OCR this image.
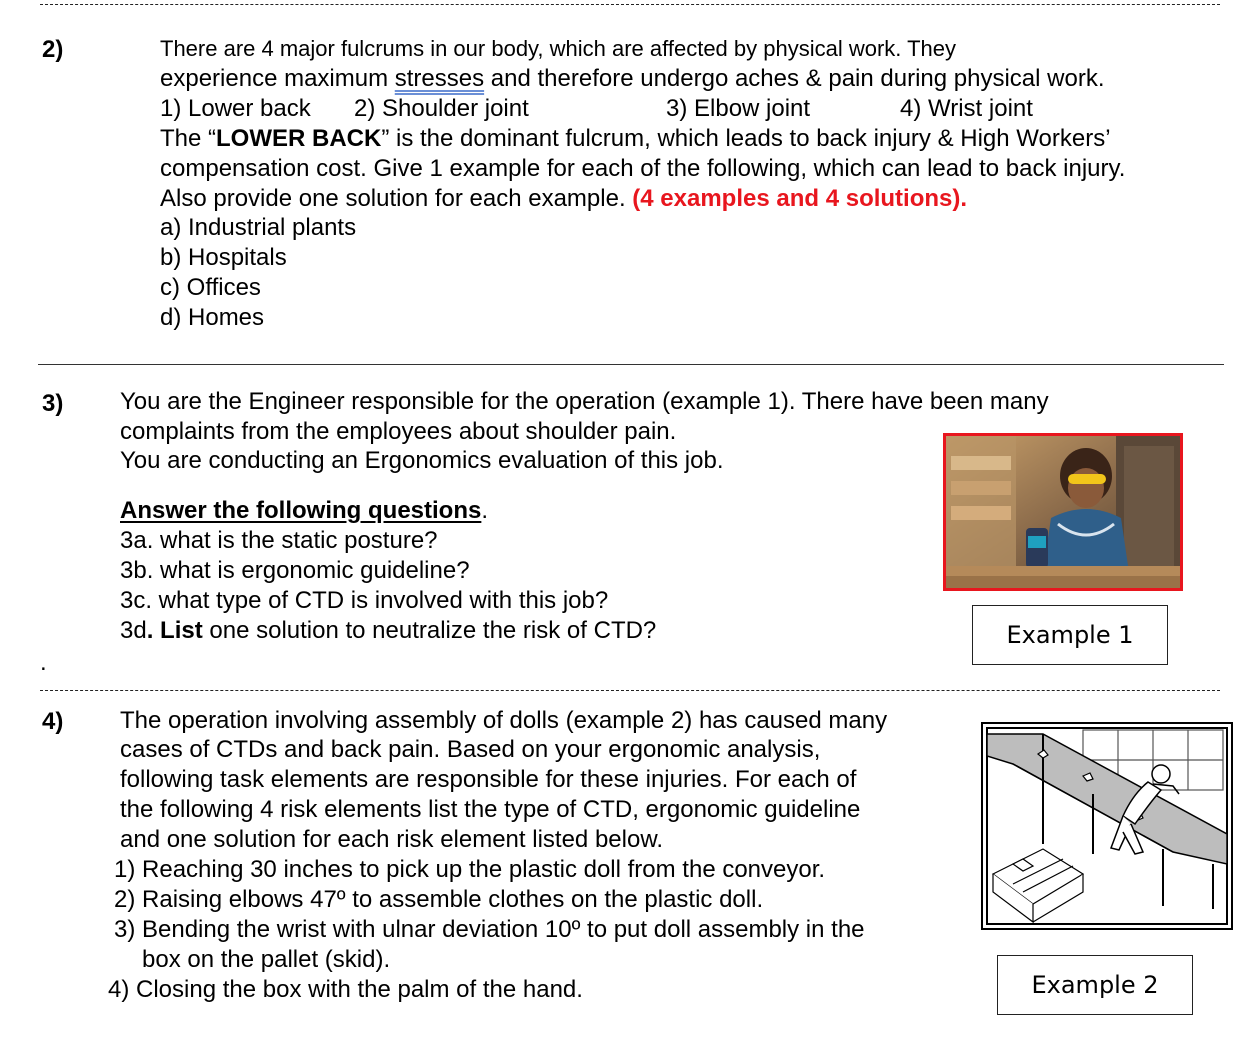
2)	There are 4 major fulcrums in our body, which are affected by physical work. They
experience maximum stresses and therefore undergo aches & pain during physical work.
1) Lower back 2) Shoulder joint	3) Elbow joint	4) Wrist joint
The “LOWER BACK” is the dominant fulcrum, which leads to back injury & High Workers’
compensation cost. Give 1 example for each of the following, which can lead to back injury.
Also provide one solution for each example. (4 examples and 4 solutions).
a) Industrial plants
b) Hospitals
c) Offices
d) Homes
3) You are the Engineer responsible for the operation (example 1). There have been many
complaints from the employees about shoulder pain.
You are conducting an Ergonomics evaluation of this job.
Answer the following questions.
3a. what is the static posture?
3b. what is ergonomic guideline?
3c. what type of CTD is involved with this job?
3d. List one solution to neutralize the risk of CTD?
.
Example 1
4) The operation involving assembly of dolls (example 2) has caused many
cases of CTDs and back pain. Based on your ergonomic analysis,
following task elements are responsible for these injuries. For each of
the following 4 risk elements list the type of CTD, ergonomic guideline
and one solution for each risk element listed below.
1) Reaching 30 inches to pick up the plastic doll from the conveyor.
2) Raising elbows 47º to assemble clothes on the plastic doll.
3) Bending the wrist with ulnar deviation 10º to put doll assembly in the
box on the pallet (skid).
4) Closing the box with the palm of the hand.	Example 2
